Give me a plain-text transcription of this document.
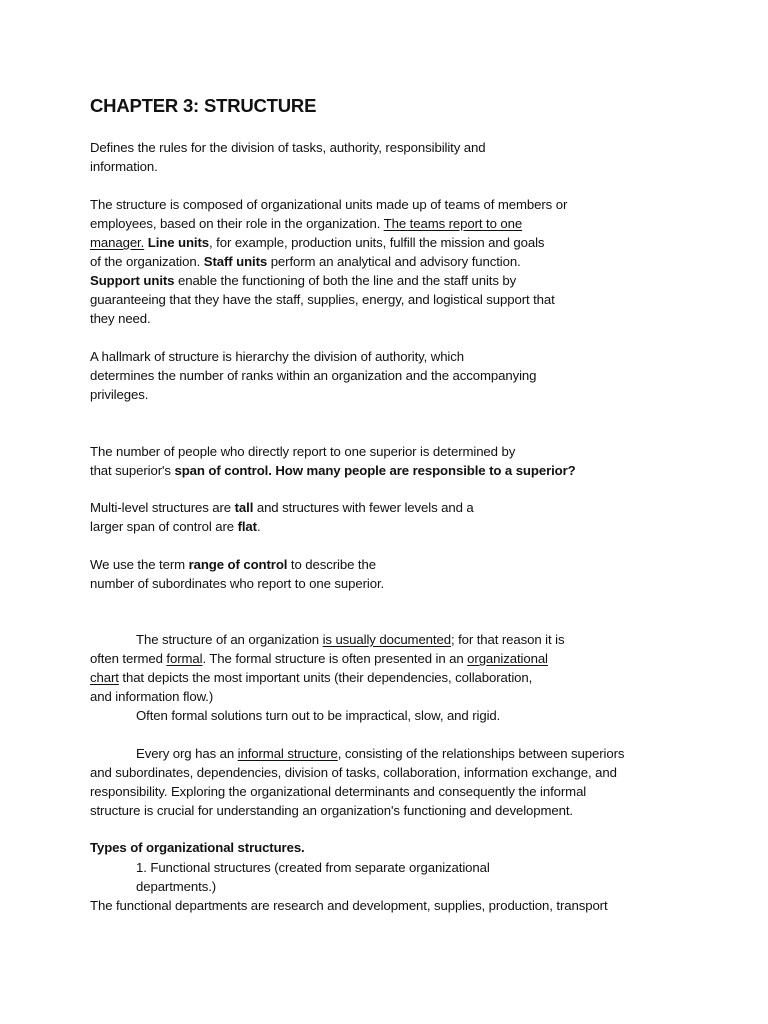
CHAPTER 3: STRUCTURE

Defines the rules for the division of tasks, authority, responsibility and

information.

The structure is composed of organizational units made up of teams of members or

employees, based on their role in the organization. The teams report to one

manager. Line units, for example, production units, fulfill the mission and goals

of the organization. Staff units perform an analytical and advisory function.

Support units enable the functioning of both the line and the staff units by

guaranteeing that they have the staff, supplies, energy, and logistical support that

they need.

A hallmark of structure is hierarchy the division of authority, which

determines the number of ranks within an organization and the accompanying

privileges.

The number of people who directly report to one superior is determined by

that superior's span of control. How many people are responsible to a superior?

Multi-level structures are tall and structures with fewer levels and a

larger span of control are flat.

We use the term range of control to describe the

number of subordinates who report to one superior.

The structure of an organization is usually documented; for that reason it is

often termed formal. The formal structure is often presented in an organizational

chart that depicts the most important units (their dependencies, collaboration,

and information flow.)

Often formal solutions turn out to be impractical, slow, and rigid.

Every org has an informal structure, consisting of the relationships between superiors

and subordinates, dependencies, division of tasks, collaboration, information exchange, and

responsibility. Exploring the organizational determinants and consequently the informal

structure is crucial for understanding an organization's functioning and development.

Types of organizational structures.

1. Functional structures (created from separate organizational

departments.)

The functional departments are research and development, supplies, production, transport
